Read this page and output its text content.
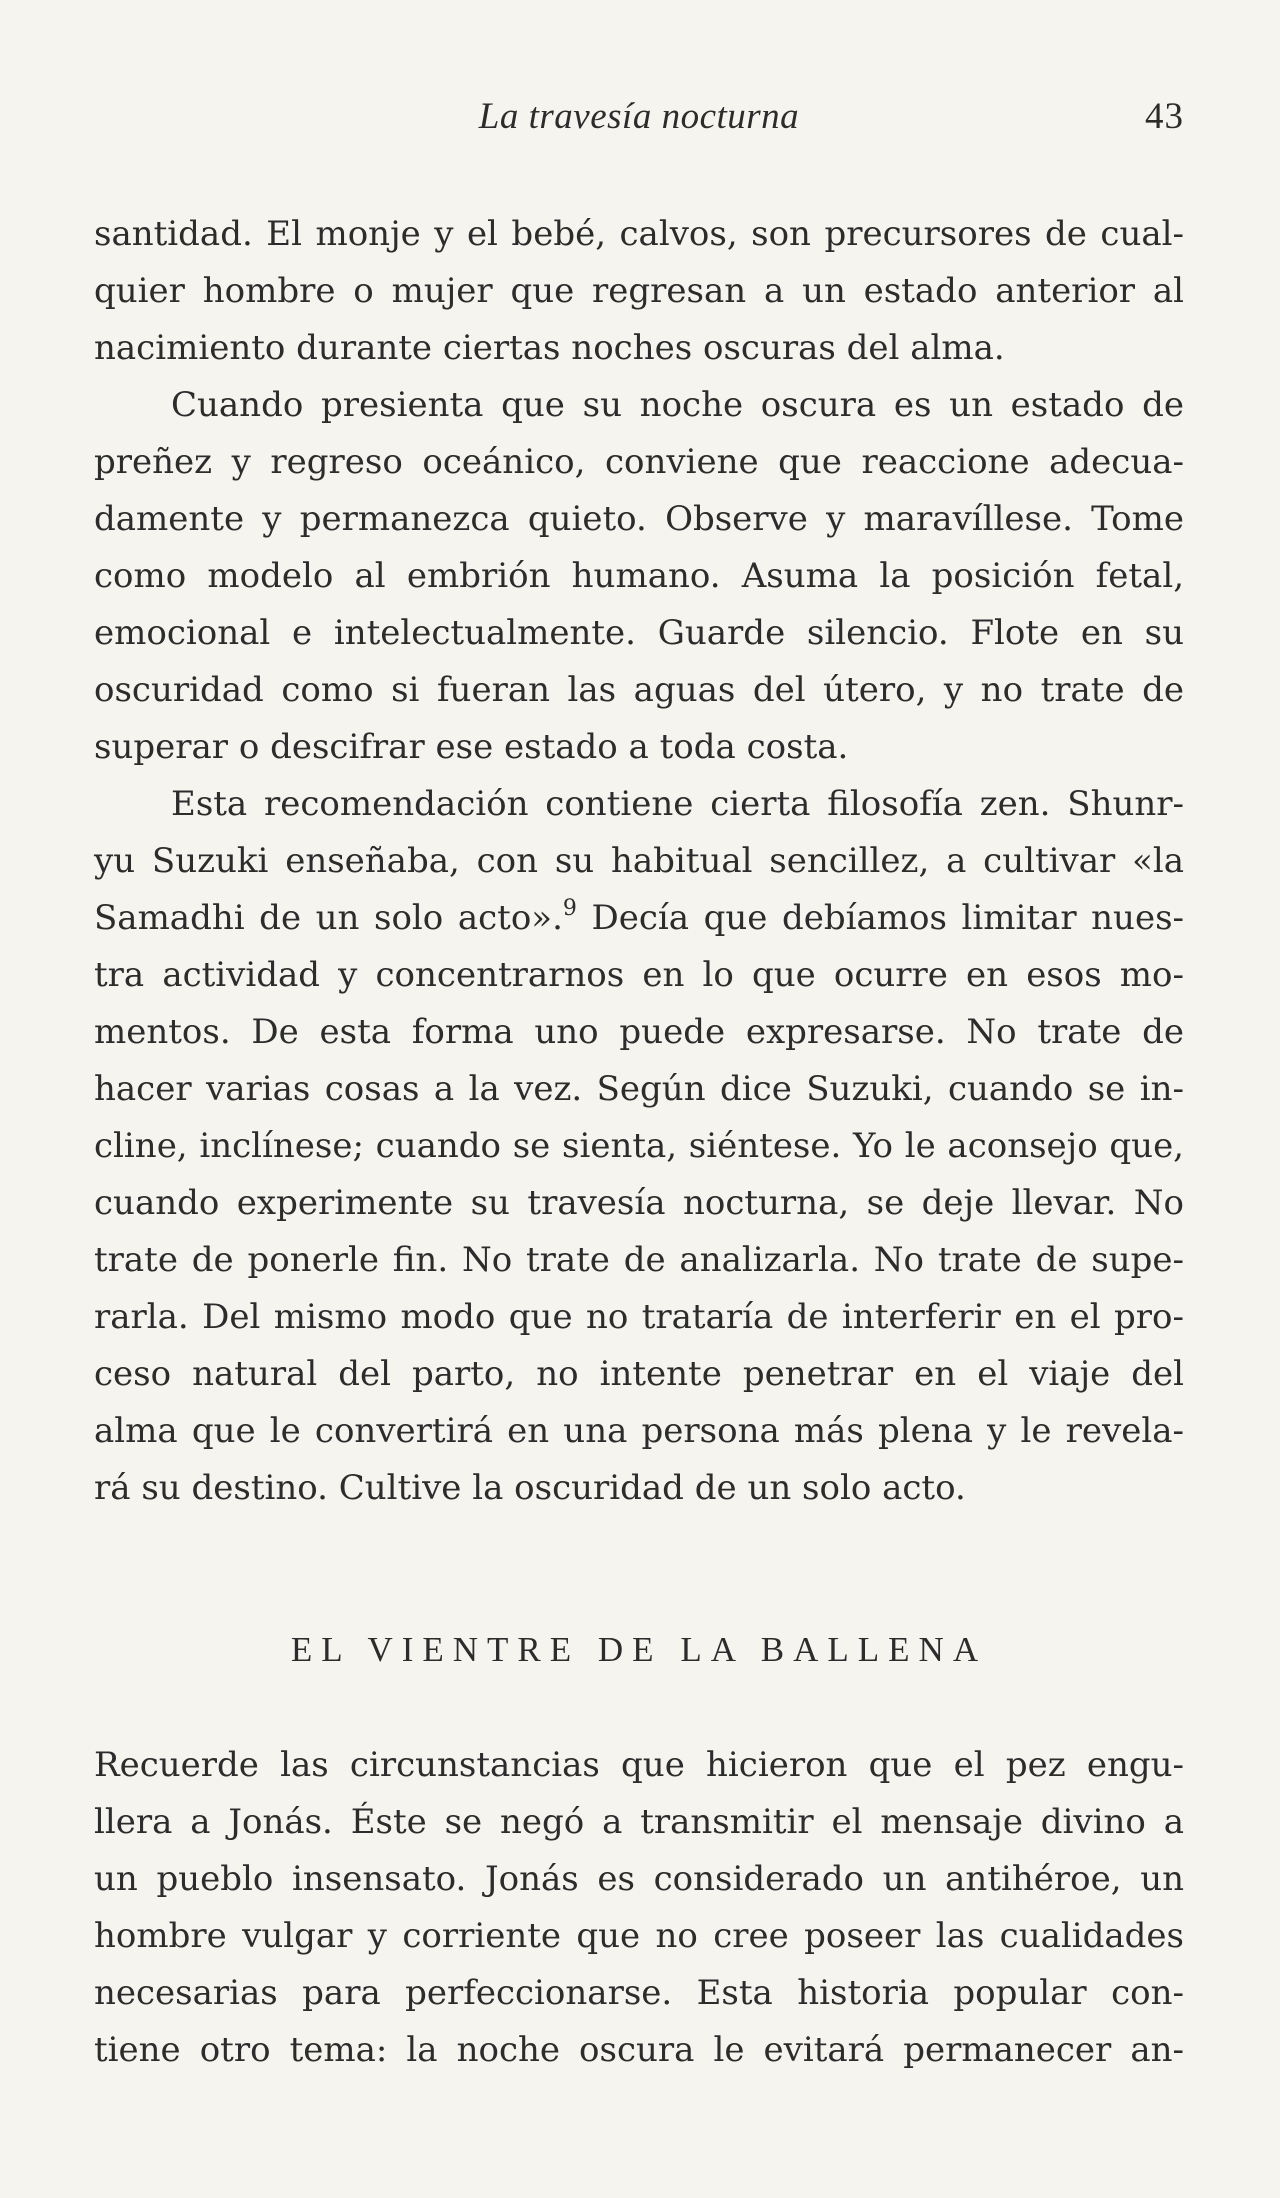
La travesía nocturna	43
santidad. El monje y el bebé, calvos, son precursores de cual-
quier hombre o mujer que regresan a un estado anterior al
nacimiento durante ciertas noches oscuras del alma.
Cuando presienta que su noche oscura es un estado de
preñez y regreso oceánico, conviene que reaccione adecua-
damente y permanezca quieto. Observe y maravíllese. Tome
como modelo al embrión humano. Asuma la posición fetal,
emocional e intelectualmente. Guarde silencio. Flote en su
oscuridad como si fueran las aguas del útero, y no trate de
superar o descifrar ese estado a toda costa.
Esta recomendación contiene cierta filosofía zen. Shunr-
yu Suzuki enseñaba, con su habitual sencillez, a cultivar «la
Samadhi de un solo acto».$^9$ Decía que debíamos limitar nues-
tra actividad y concentrarnos en lo que ocurre en esos mo-
mentos. De esta forma uno puede expresarse. No trate de
hacer varias cosas a la vez. Según dice Suzuki, cuando se in-
cline, inclínese; cuando se sienta, siéntese. Yo le aconsejo que,
cuando experimente su travesía nocturna, se deje llevar. No
trate de ponerle fin. No trate de analizarla. No trate de supe-
rarla. Del mismo modo que no trataría de interferir en el pro-
ceso natural del parto, no intente penetrar en el viaje del
alma que le convertirá en una persona más plena y le revela-
rá su destino. Cultive la oscuridad de un solo acto.
EL VIENTRE DE LA BALLENA
Recuerde las circunstancias que hicieron que el pez engu-
llera a Jonás. Éste se negó a transmitir el mensaje divino a
un pueblo insensato. Jonás es considerado un antihéroe, un
hombre vulgar y corriente que no cree poseer las cualidades
necesarias para perfeccionarse. Esta historia popular con-
tiene otro tema: la noche oscura le evitará permanecer an-
